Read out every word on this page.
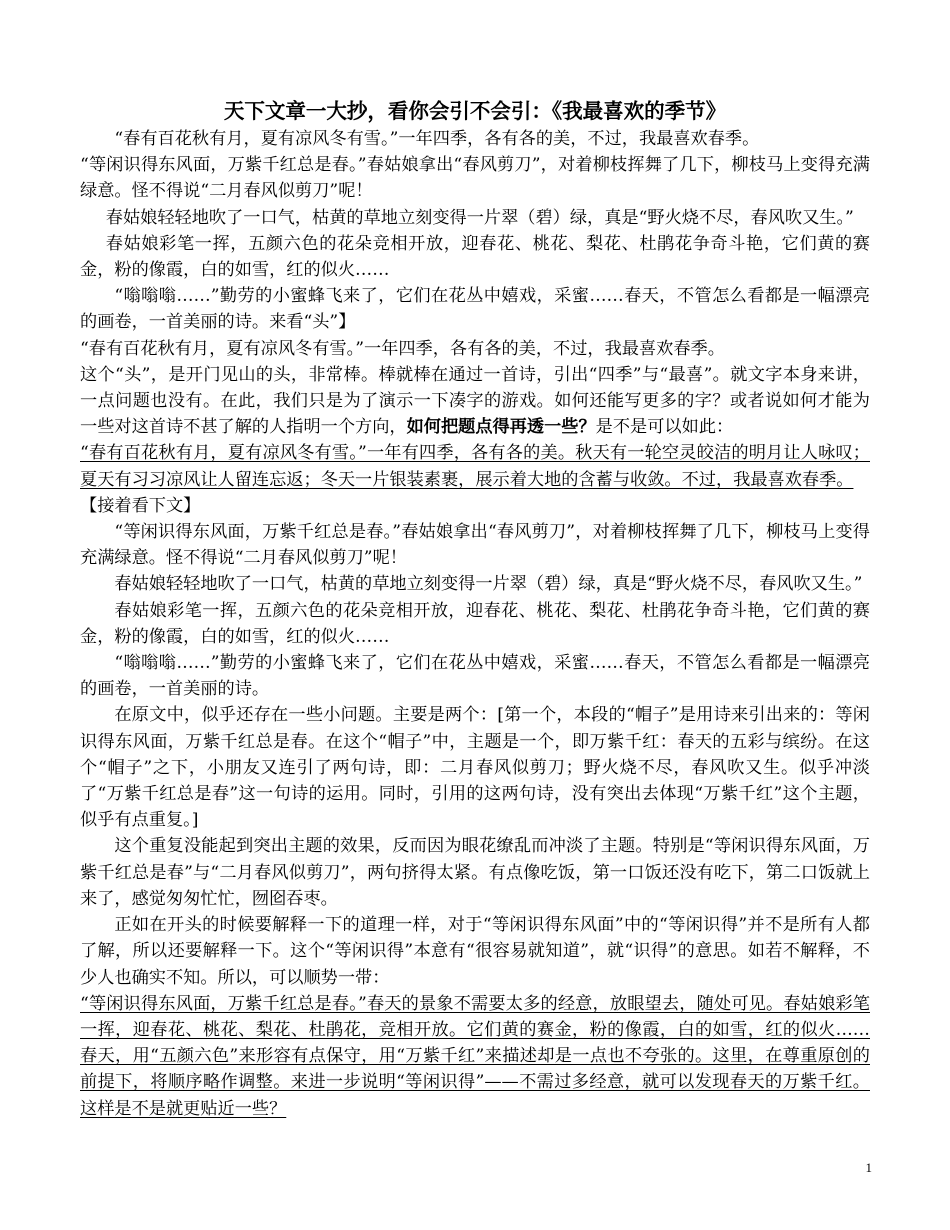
天下文章一大抄，看你会引不会引：《我最喜欢的季节》

“春有百花秋有月，夏有凉风冬有雪。”一年四季，各有各的美，不过，我最喜欢春季。

“等闲识得东风面，万紫千红总是春。”春姑娘拿出“春风剪刀”，对着柳枝挥舞了几下，柳枝马上变得充满绿意。怪不得说“二月春风似剪刀”呢！

春姑娘轻轻地吹了一口气，枯黄的草地立刻变得一片翠（碧）绿，真是“野火烧不尽，春风吹又生。”

春姑娘彩笔一挥，五颜六色的花朵竞相开放，迎春花、桃花、梨花、杜鹃花争奇斗艳，它们黄的赛金，粉的像霞，白的如雪，红的似火……

“嗡嗡嗡……”勤劳的小蜜蜂飞来了，它们在花丛中嬉戏，采蜜……春天，不管怎么看都是一幅漂亮的画卷，一首美丽的诗。来看“头”】

“春有百花秋有月，夏有凉风冬有雪。”一年四季，各有各的美，不过，我最喜欢春季。

这个“头”，是开门见山的头，非常棒。棒就棒在通过一首诗，引出“四季”与“最喜”。就文字本身来讲，一点问题也没有。在此，我们只是为了演示一下凑字的游戏。如何还能写更多的字？或者说如何才能为一些对这首诗不甚了解的人指明一个方向，如何把题点得再透一些？是不是可以如此：

“春有百花秋有月，夏有凉风冬有雪。”一年有四季，各有各的美。秋天有一轮空灵皎洁的明月让人咏叹；夏天有习习凉风让人留连忘返；冬天一片银装素裹，展示着大地的含蓄与收敛。不过，我最喜欢春季。

【接着看下文】

“等闲识得东风面，万紫千红总是春。”春姑娘拿出“春风剪刀”，对着柳枝挥舞了几下，柳枝马上变得充满绿意。怪不得说“二月春风似剪刀”呢！

春姑娘轻轻地吹了一口气，枯黄的草地立刻变得一片翠（碧）绿，真是“野火烧不尽，春风吹又生。”

春姑娘彩笔一挥，五颜六色的花朵竞相开放，迎春花、桃花、梨花、杜鹃花争奇斗艳，它们黄的赛金，粉的像霞，白的如雪，红的似火……

“嗡嗡嗡……”勤劳的小蜜蜂飞来了，它们在花丛中嬉戏，采蜜……春天，不管怎么看都是一幅漂亮的画卷，一首美丽的诗。

在原文中，似乎还存在一些小问题。主要是两个：[第一个，本段的“帽子”是用诗来引出来的：等闲识得东风面，万紫千红总是春。在这个“帽子”中，主题是一个，即万紫千红：春天的五彩与缤纷。在这个“帽子”之下，小朋友又连引了两句诗，即：二月春风似剪刀；野火烧不尽，春风吹又生。似乎冲淡了“万紫千红总是春”这一句诗的运用。同时，引用的这两句诗，没有突出去体现“万紫千红”这个主题，似乎有点重复。]

这个重复没能起到突出主题的效果，反而因为眼花缭乱而冲淡了主题。特别是“等闲识得东风面，万紫千红总是春”与“二月春风似剪刀”，两句挤得太紧。有点像吃饭，第一口饭还没有吃下，第二口饭就上来了，感觉匆匆忙忙，囫囵吞枣。

正如在开头的时候要解释一下的道理一样，对于“等闲识得东风面”中的“等闲识得”并不是所有人都了解，所以还要解释一下。这个“等闲识得”本意有“很容易就知道”，就“识得”的意思。如若不解释，不少人也确实不知。所以，可以顺势一带：

“等闲识得东风面，万紫千红总是春。”春天的景象不需要太多的经意，放眼望去，随处可见。春姑娘彩笔一挥，迎春花、桃花、梨花、杜鹃花，竞相开放。它们黄的赛金，粉的像霞，白的如雪，红的似火……春天，用“五颜六色”来形容有点保守，用“万紫千红”来描述却是一点也不夸张的。这里，在尊重原创的前提下，将顺序略作调整。来进一步说明“等闲识得”——不需过多经意，就可以发现春天的万紫千红。这样是不是就更贴近一些？

1
